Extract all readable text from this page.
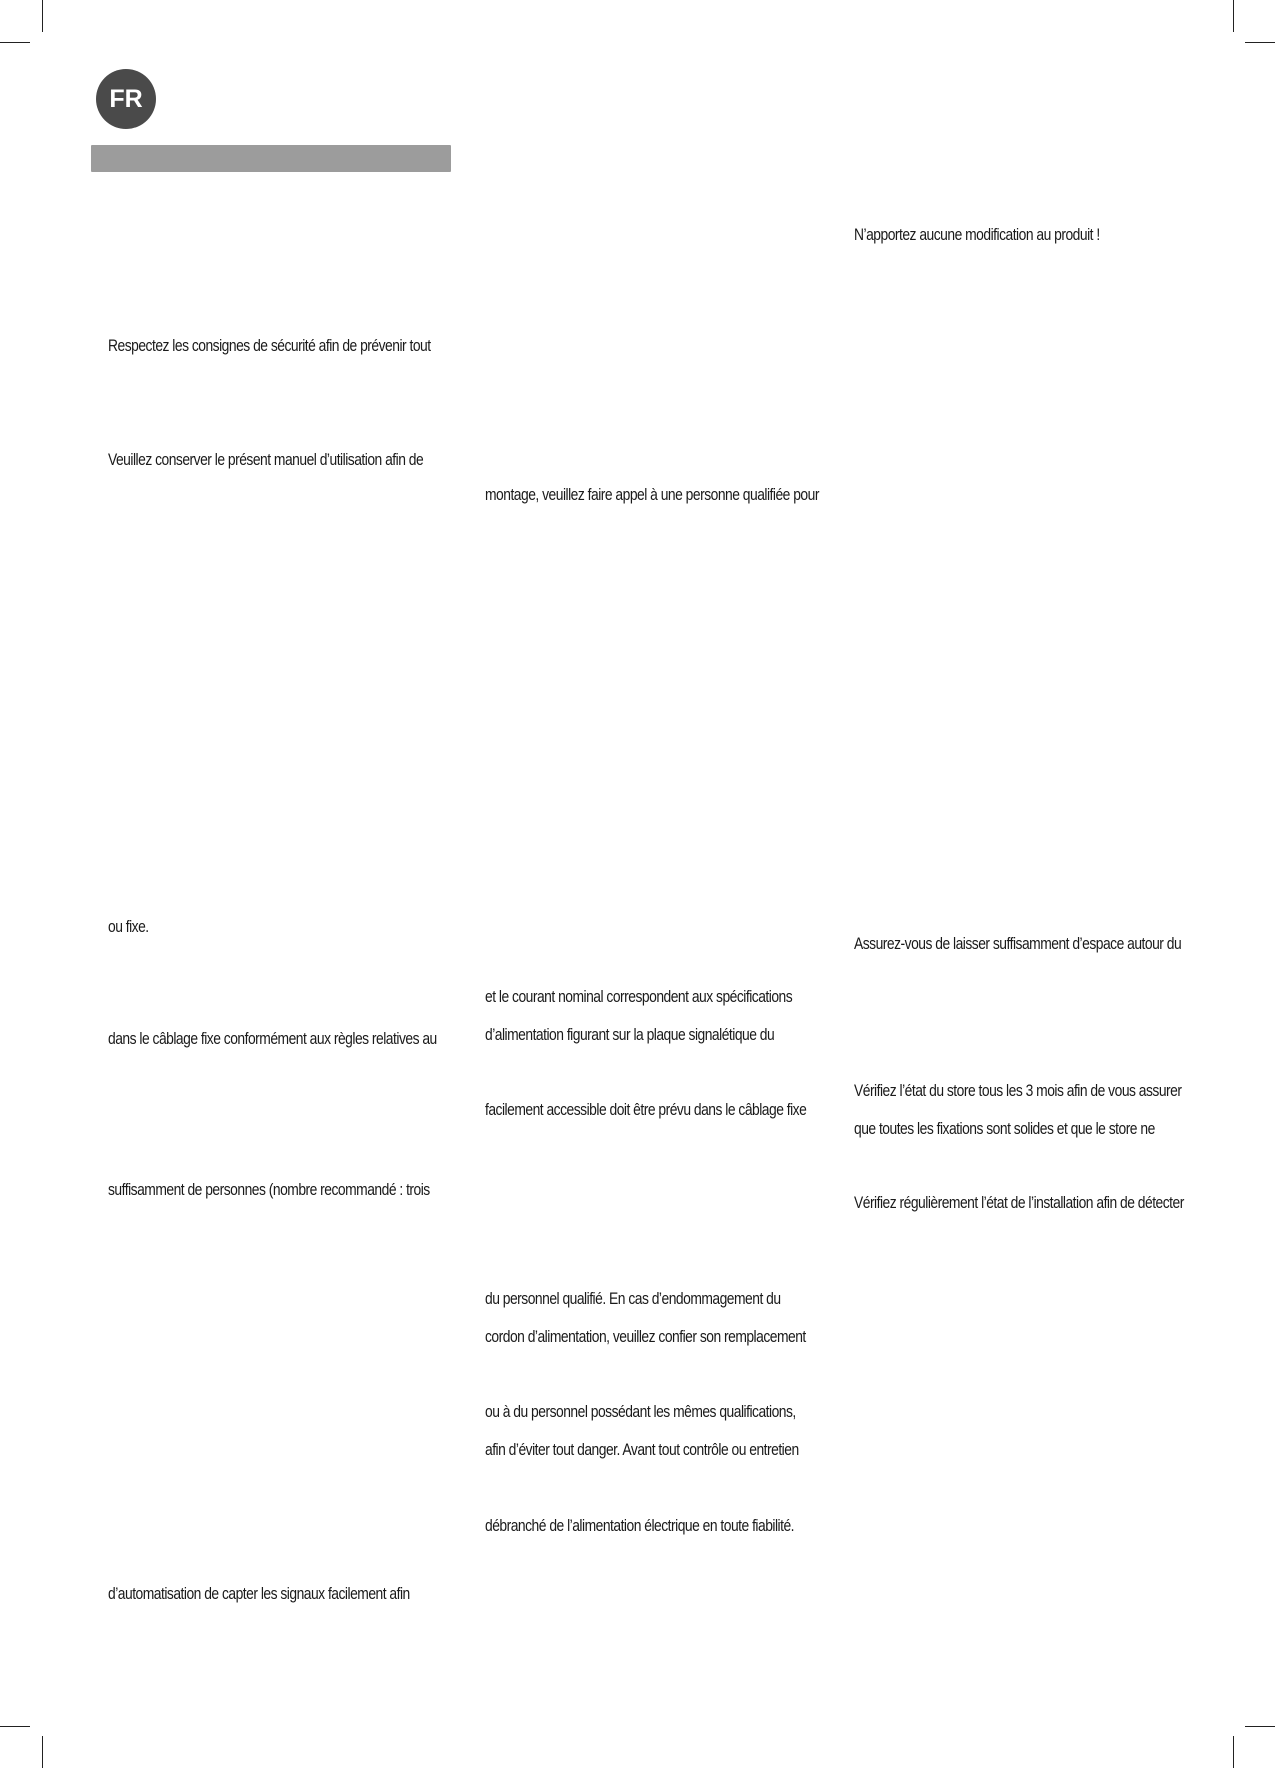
FR
Respectez les consignes de sécurité afin de prévenir tout
Veuillez conserver le présent manuel d’utilisation afin de
ou fixe.
dans le câblage fixe conformément aux règles relatives au
suffisamment de personnes (nombre recommandé : trois
d’automatisation de capter les signaux facilement afin
montage, veuillez faire appel à une personne qualifiée pour
et le courant nominal correspondent aux spécifications
d’alimentation figurant sur la plaque signalétique du
facilement accessible doit être prévu dans le câblage fixe
du personnel qualifié. En cas d’endommagement du
cordon d’alimentation, veuillez confier son remplacement
ou à du personnel possédant les mêmes qualifications,
afin d’éviter tout danger. Avant tout contrôle ou entretien
débranché de l’alimentation électrique en toute fiabilité.
N’apportez aucune modification au produit !
Assurez-vous de laisser suffisamment d’espace autour du
Vérifiez l’état du store tous les 3 mois afin de vous assurer
que toutes les fixations sont solides et que le store ne
Vérifiez régulièrement l’état de l’installation afin de détecter
